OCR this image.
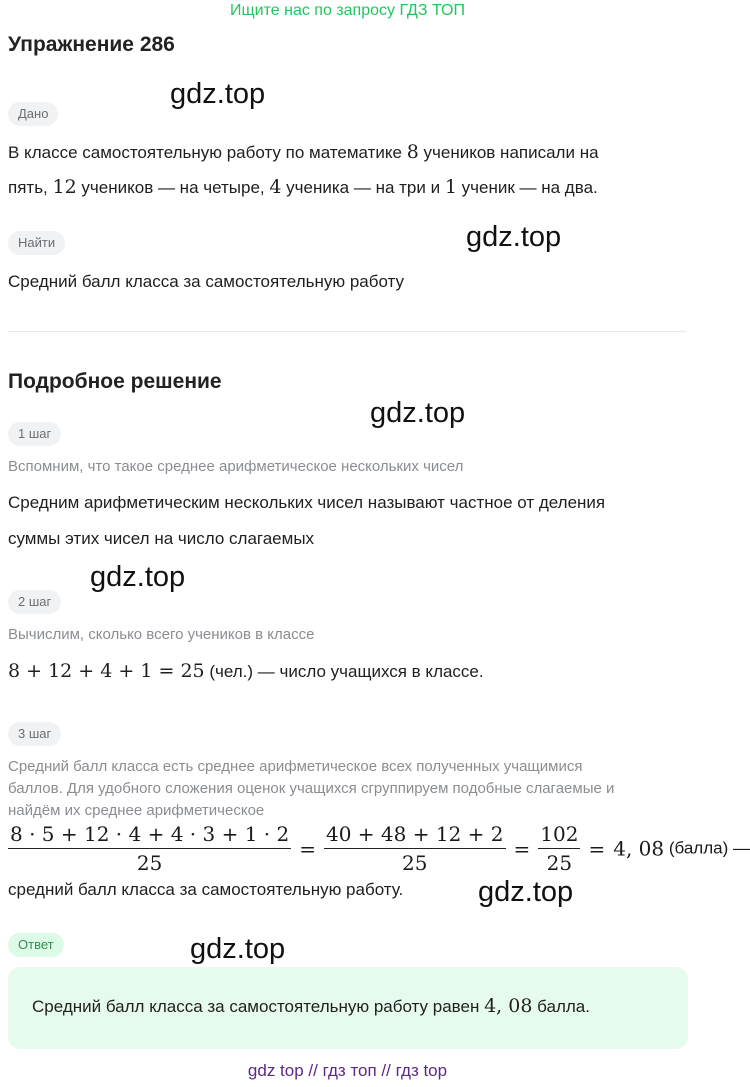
Ищите нас по запросу ГДЗ ТОП
Упражнение 286
gdz.top
Дано
В классе самостоятельную работу по математике 8 учеников написали на
пять, 12 учеников — на четыре, 4 ученика — на три и 1 ученик — на два.
Найти	gdz.top
Средний балл класса за самостоятельную работу
Подробное решение
gdz.top
1 шаг
Вспомним, что такое среднее арифметическое нескольких чисел
Средним арифметическим нескольких чисел называют частное от деления
суммы этих чисел на число слагаемых
gdz.top
2 шаг
Вычислим, сколько всего учеников в классе
8 + 12 + 4 + 1 = 25 (чел.) — число учащихся в классе.
3 шаг
Средний балл класса есть среднее арифметическое всех полученных учащимися
баллов. Для удобного сложения оценок учащихся сгруппируем подобные слагаемые и
найдём их среднее арифметическое
$\frac{8 \cdot 5 + 12 \cdot 4 + 4 \cdot 3 + 1 \cdot 2}{25} = \frac{40 + 48 + 12 + 2}{25} = \frac{102}{25} = 4$, 08 (балла) —
средний балл класса за самостоятельную работу.	gdz.top
Ответ	gdz.top
Средний балл класса за самостоятельную работу равен 4, 08 балла.
gdz top // гдз топ // гдз top
